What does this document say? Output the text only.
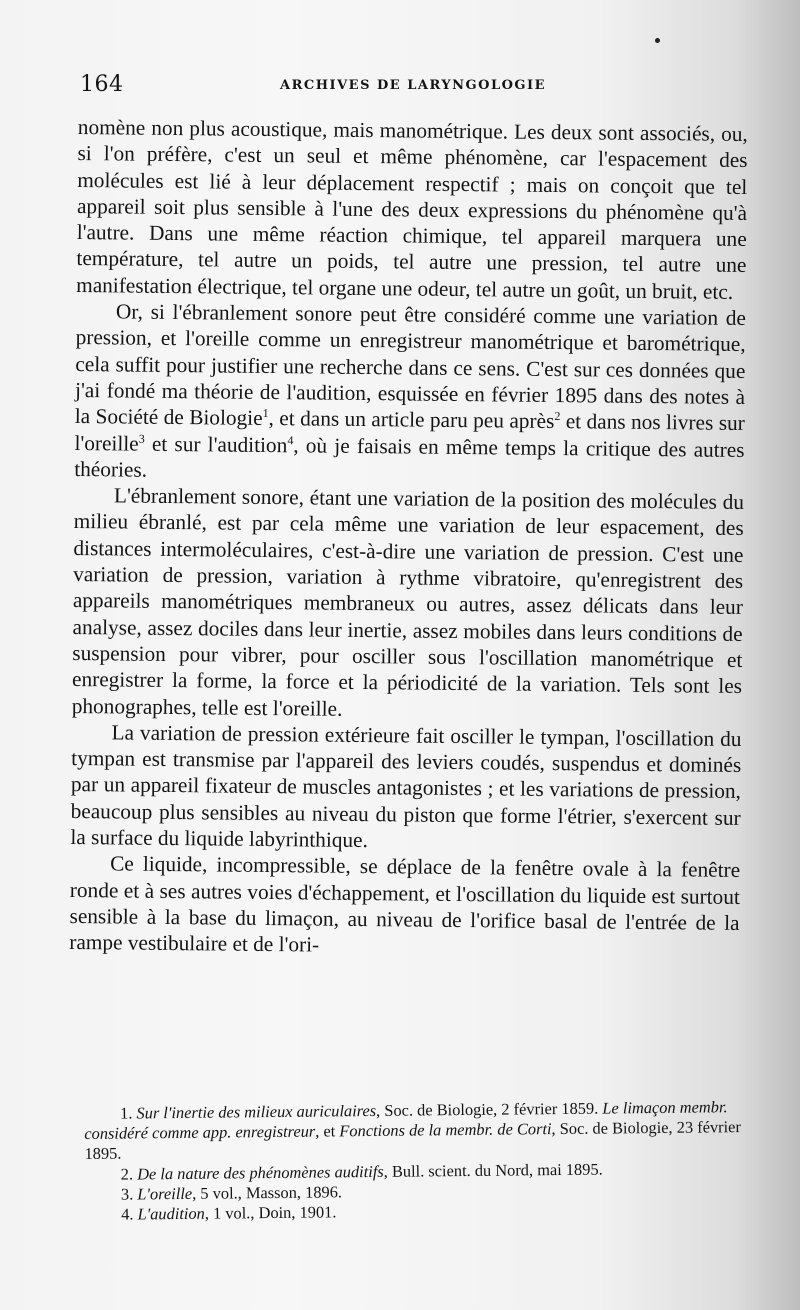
164	ARCHIVES DE LARYNGOLOGIE

nomène non plus acoustique, mais manométrique. Les deux sont associés, ou, si l'on préfère, c'est un seul et même phénomène, car l'espacement des molécules est lié à leur déplacement respectif ; mais on conçoit que tel appareil soit plus sensible à l'une des deux expressions du phénomène qu'à l'autre. Dans une même réaction chimique, tel appareil marquera une température, tel autre un poids, tel autre une pression, tel autre une manifestation électrique, tel organe une odeur, tel autre un goût, un bruit, etc.

Or, si l'ébranlement sonore peut être considéré comme une variation de pression, et l'oreille comme un enregistreur manométrique et barométrique, cela suffit pour justifier une recherche dans ce sens. C'est sur ces données que j'ai fondé ma théorie de l'audition, esquissée en février 1895 dans des notes à la Société de Biologie$^1$, et dans un article paru peu après$^2$ et dans nos livres sur l'oreille$^3$ et sur l'audition$^4$, où je faisais en même temps la critique des autres théories.

L'ébranlement sonore, étant une variation de la position des molécules du milieu ébranlé, est par cela même une variation de leur espacement, des distances intermoléculaires, c'est-à-dire une variation de pression. C'est une variation de pression, variation à rythme vibratoire, qu'enregistrent des appareils manométriques membraneux ou autres, assez délicats dans leur analyse, assez dociles dans leur inertie, assez mobiles dans leurs conditions de suspension pour vibrer, pour osciller sous l'oscillation manométrique et enregistrer la forme, la force et la périodicité de la variation. Tels sont les phonographes, telle est l'oreille.

La variation de pression extérieure fait osciller le tympan, l'oscillation du tympan est transmise par l'appareil des leviers coudés, suspendus et dominés par un appareil fixateur de muscles antagonistes ; et les variations de pression, beaucoup plus sensibles au niveau du piston que forme l'étrier, s'exercent sur la surface du liquide labyrinthique.

Ce liquide, incompressible, se déplace de la fenêtre ovale à la fenêtre ronde et à ses autres voies d'échappement, et l'oscillation du liquide est surtout sensible à la base du limaçon, au niveau de l'orifice basal de l'entrée de la rampe vestibulaire et de l'ori-

1. Sur l'inertie des milieux auriculaires, Soc. de Biologie, 2 février 1859. Le limaçon membr. considéré comme app. enregistreur, et Fonctions de la membr. de Corti, Soc. de Biologie, 23 février 1895.

2. De la nature des phénomènes auditifs, Bull. scient. du Nord, mai 1895.

3. L'oreille, 5 vol., Masson, 1896.

4. L'audition, 1 vol., Doin, 1901.
